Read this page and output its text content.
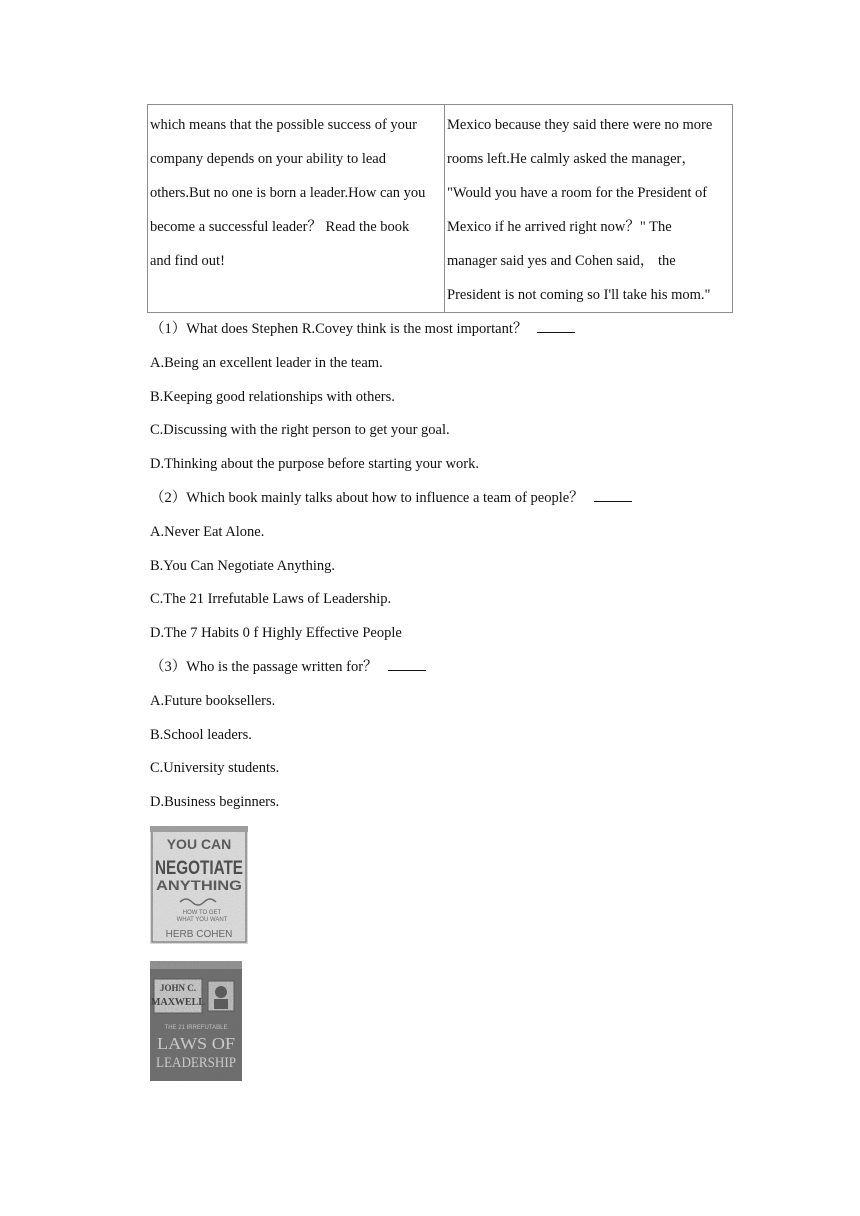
which means that the possible success of your
company depends on your ability to lead
others.But no one is born a leader.How can you
become a successful leader？ Read the book
and find out!

Mexico because they said there were no more
rooms left.He calmly asked the manager，
"Would you have a room for the President of
Mexico if he arrived right now？" The
manager said yes and Cohen said， the
President is not coming so I'll take his mom."
（1）What does Stephen R.Covey think is the most important？
A.Being an excellent leader in the team.
B.Keeping good relationships with others.
C.Discussing with the right person to get your goal.
D.Thinking about the purpose before starting your work.
（2）Which book mainly talks about how to influence a team of people？
A.Never Eat Alone.
B.You Can Negotiate Anything.
C.The 21 Irrefutable Laws of Leadership.
D.The 7 Habits 0 f Highly Effective People
（3）Who is the passage written for？
A.Future booksellers.
B.School leaders.
C.University students.
D.Business beginners.
